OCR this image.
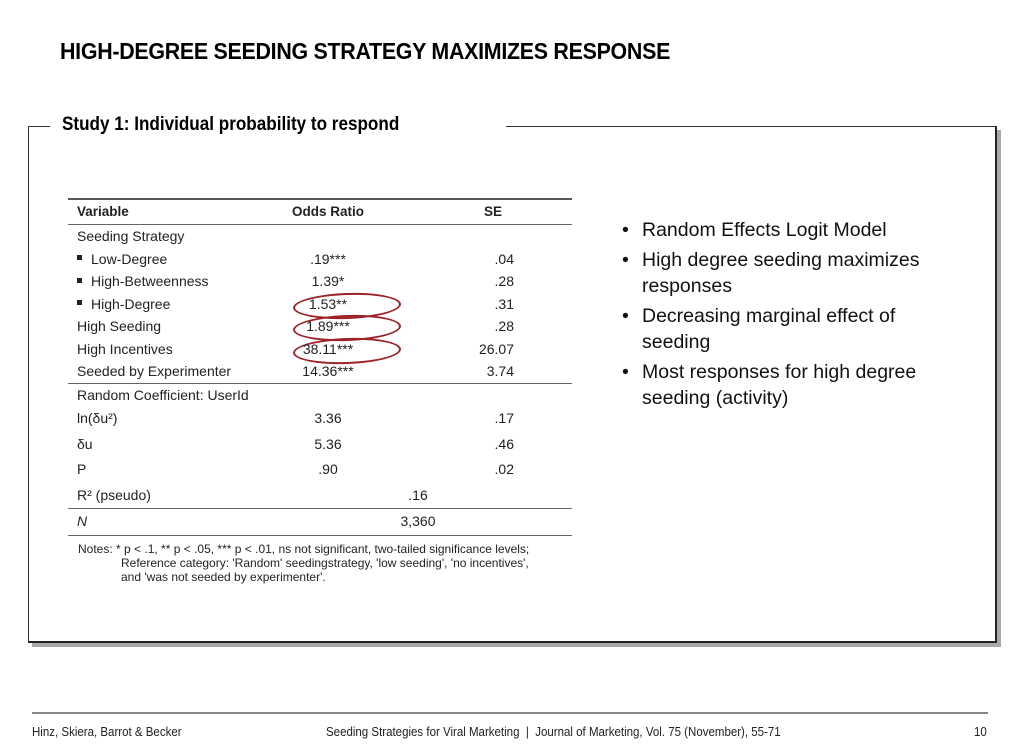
HIGH-DEGREE SEEDING STRATEGY MAXIMIZES RESPONSE
Study 1: Individual probability to respond
Variable	Odds Ratio	SE
Seeding Strategy
Low-Degree	.19***	.04
High-Betweenness	1.39*	.28
High-Degree	1.53**	.31
High Seeding	1.89***	.28
High Incentives	38.11***	26.07
Seeded by Experimenter	14.36***	3.74
Random Coefficient: UserId
ln(δu²)	3.36	.17
δu	5.36	.46
P	.90	.02
R² (pseudo)	.16
N	3,360
Notes: * p < .1, ** p < .05, *** p < .01, ns not significant, two-tailed significance levels;
Reference category: 'Random' seedingstrategy, 'low seeding', 'no incentives',
and 'was not seeded by experimenter'.
• Random Effects Logit Model
• High degree seeding maximizes responses
• Decreasing marginal effect of seeding
• Most responses for high degree seeding (activity)
Hinz, Skiera, Barrot & Becker	Seeding Strategies for Viral Marketing  |  Journal of Marketing, Vol. 75 (November), 55-71	10
